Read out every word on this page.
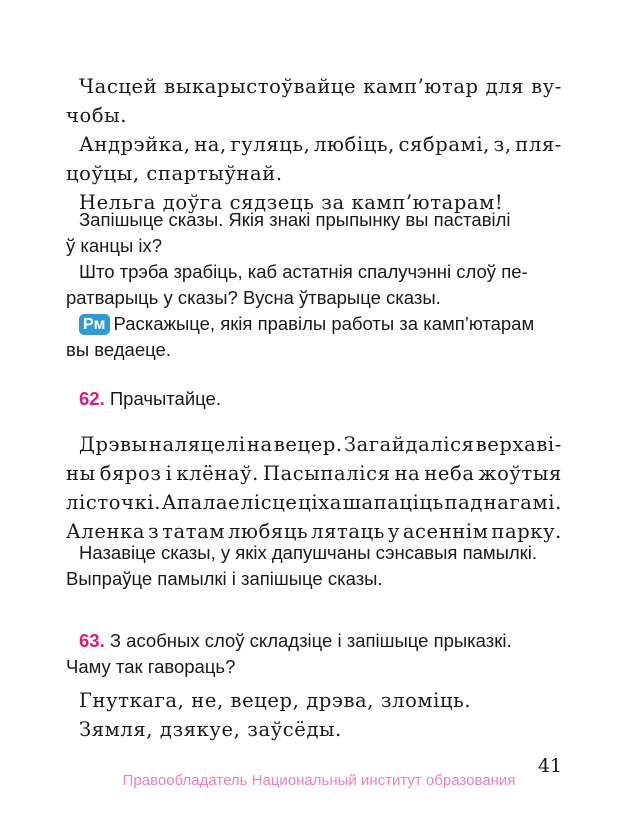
Часцей выкарыстоўвайце камп’ютар для ву-
чобы.
Андрэйка, на, гуляць, любіць, сябрамі, з, пля-
цоўцы, спартыўнай.
Нельга доўга сядзець за камп’ютарам!
Запішыце сказы. Якія знакі прыпынку вы паставілі
ў канцы іх?
Што трэба зрабіць, каб астатнія спалучэнні слоў пе-
ратварыць у сказы? Вусна ўтварыце сказы.
Рм Раскажыце, якія правілы работы за камп’ютарам
вы ведаеце.
62. Прачытайце.
Дрэвы наляцелі на вецер. Загайдаліся верхаві-
ны бяроз і клёнаў. Пасыпаліся на неба жоўтыя
лісточкі. Апалае лісце ціха шапаціць пад нагамі.
Аленка з татам любяць лятаць у асеннім парку.
Назавіце сказы, у якіх дапушчаны сэнсавыя памылкі.
Выпраўце памылкі і запішыце сказы.
63. З асобных слоў складзіце і запішыце прыказкі.
Чаму так гавораць?
Гнуткага, не, вецер, дрэва, зломіць.
Зямля, дзякуе, заўсёды.
41
Правообладатель Национальный институт образования
